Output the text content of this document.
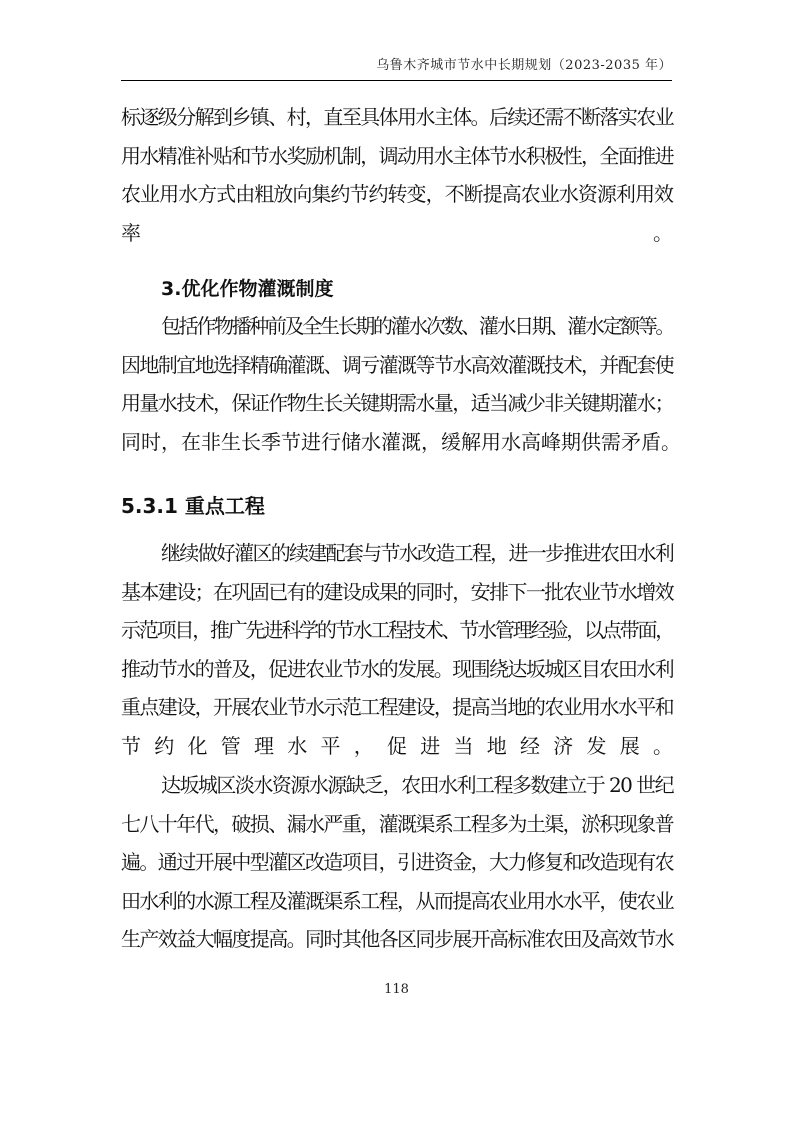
乌鲁木齐城市节水中长期规划（2023-2035 年）
标逐级分解到乡镇、村，直至具体用水主体。后续还需不断落实农业
用水精准补贴和节水奖励机制，调动用水主体节水积极性，全面推进
农业用水方式由粗放向集约节约转变，不断提高农业水资源利用效
率。
3.优化作物灌溉制度
包括作物播种前及全生长期的灌水次数、灌水日期、灌水定额等。
因地制宜地选择精确灌溉、调亏灌溉等节水高效灌溉技术，并配套使
用量水技术，保证作物生长关键期需水量，适当减少非关键期灌水；
同时，在非生长季节进行储水灌溉，缓解用水高峰期供需矛盾。
5.3.1 重点工程
继续做好灌区的续建配套与节水改造工程，进一步推进农田水利
基本建设；在巩固已有的建设成果的同时，安排下一批农业节水增效
示范项目，推广先进科学的节水工程技术、节水管理经验，以点带面，
推动节水的普及，促进农业节水的发展。现围绕达坂城区目农田水利
重点建设，开展农业节水示范工程建设，提高当地的农业用水水平和
节约化管理水平，促进当地经济发展。
达坂城区淡水资源水源缺乏，农田水利工程多数建立于 20 世纪
七八十年代，破损、漏水严重，灌溉渠系工程多为土渠，淤积现象普
遍。通过开展中型灌区改造项目，引进资金，大力修复和改造现有农
田水利的水源工程及灌溉渠系工程，从而提高农业用水水平，使农业
生产效益大幅度提高。同时其他各区同步展开高标准农田及高效节水
118
